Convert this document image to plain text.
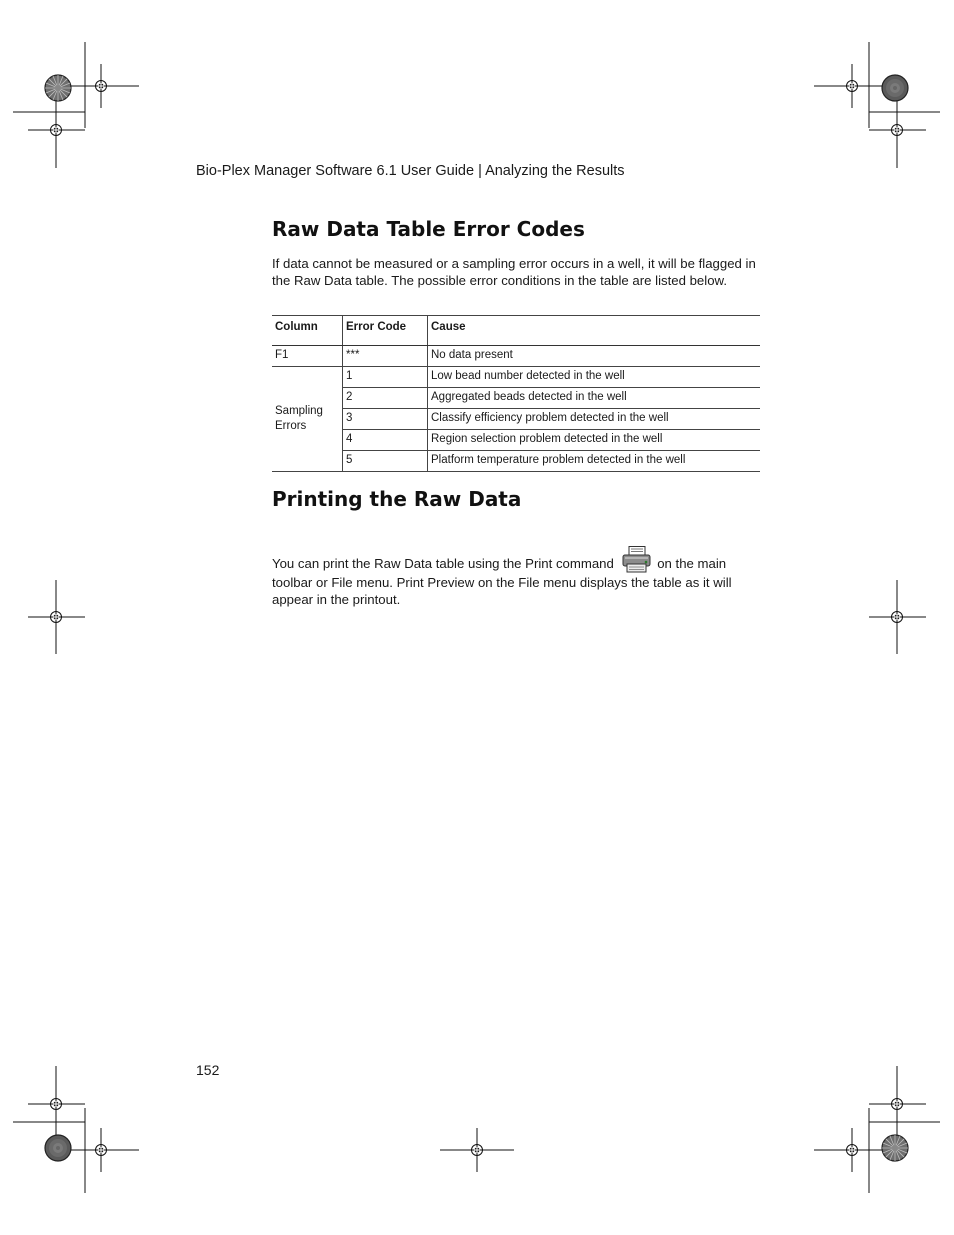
Bio-Plex Manager Software 6.1 User Guide | Analyzing the Results
Raw Data Table Error Codes

If data cannot be measured or a sampling error occurs in a well, it will be flagged in the Raw Data table. The possible error conditions in the table are listed below.

Column	Error Code	Cause
F1	***	No data present
Sampling Errors	1	Low bead number detected in the well
	2	Aggregated beads detected in the well
	3	Classify efficiency problem detected in the well
	4	Region selection problem detected in the well
	5	Platform temperature problem detected in the well
Printing the Raw Data

You can print the Raw Data table using the Print command	on the main toolbar or File menu. Print Preview on the File menu displays the table as it will appear in the printout.

152
